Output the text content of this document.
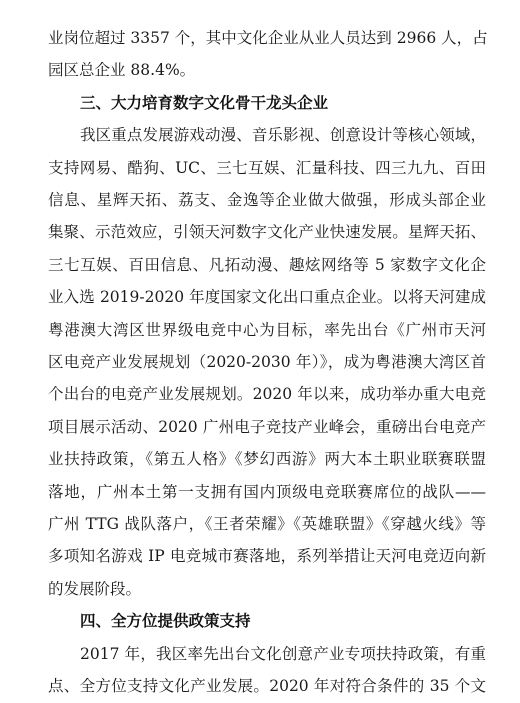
业岗位超过 3357 个，其中文化企业从业人员达到 2966 人，占
园区总企业 88.4%。
三、大力培育数字文化骨干龙头企业
我区重点发展游戏动漫、音乐影视、创意设计等核心领域，
支持网易、酷狗、UC、三七互娱、汇量科技、四三九九、百田
信息、星辉天拓、荔支、金逸等企业做大做强，形成头部企业
集聚、示范效应，引领天河数字文化产业快速发展。星辉天拓、
三七互娱、百田信息、凡拓动漫、趣炫网络等 5 家数字文化企
业入选 2019-2020 年度国家文化出口重点企业。以将天河建成
粤港澳大湾区世界级电竞中心为目标，率先出台《广州市天河
区电竞产业发展规划（2020-2030 年）》，成为粤港澳大湾区首
个出台的电竞产业发展规划。2020 年以来，成功举办重大电竞
项目展示活动、2020 广州电子竞技产业峰会，重磅出台电竞产
业扶持政策，《第五人格》《梦幻西游》两大本土职业联赛联盟
落地，广州本土第一支拥有国内顶级电竞联赛席位的战队——
广州 TTG 战队落户，《王者荣耀》《英雄联盟》《穿越火线》等
多项知名游戏 IP 电竞城市赛落地，系列举措让天河电竞迈向新
的发展阶段。
四、全方位提供政策支持
2017 年，我区率先出台文化创意产业专项扶持政策，有重
点、全方位支持文化产业发展。2020 年对符合条件的 35 个文
